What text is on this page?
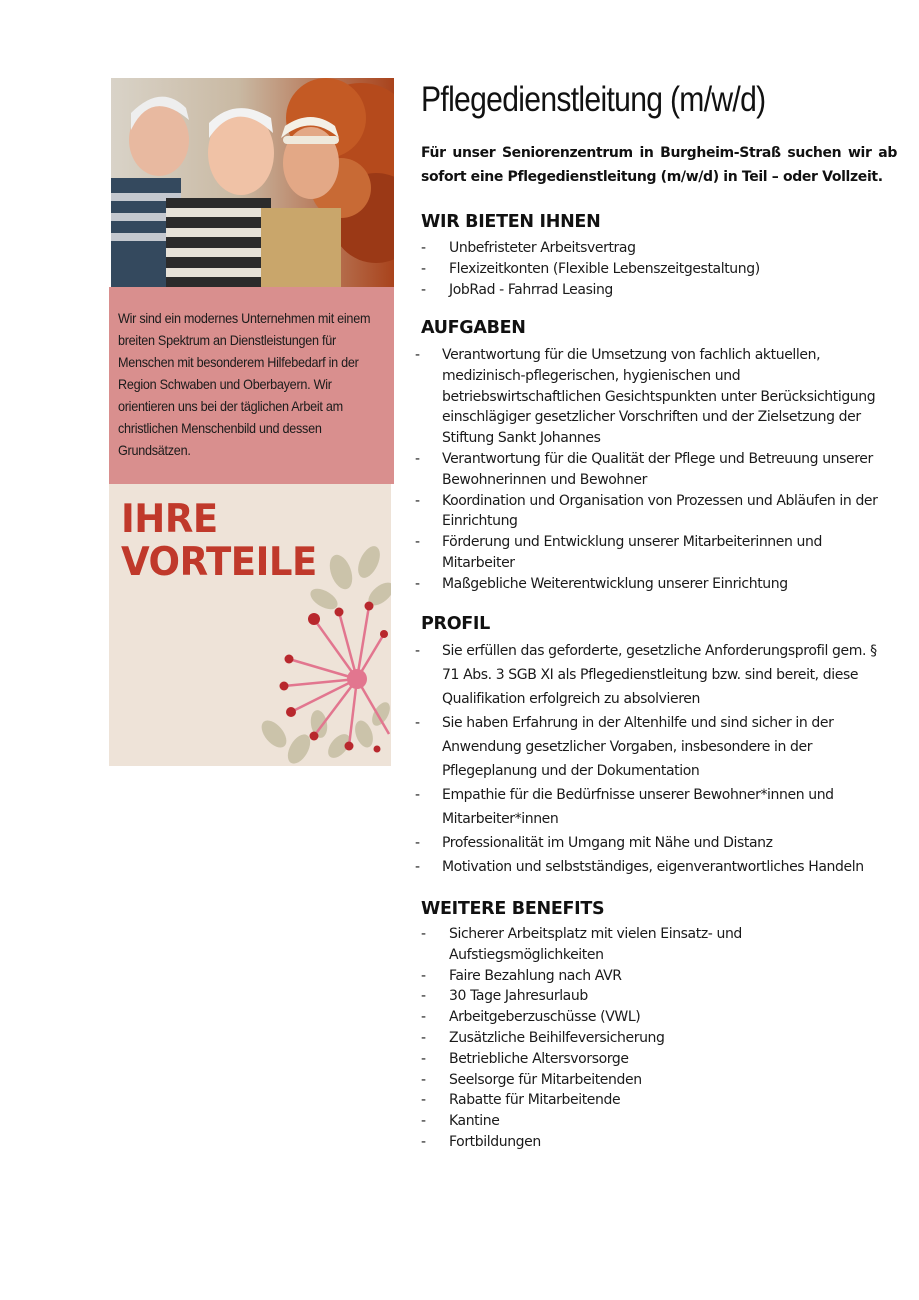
Wir sind ein modernes Unternehmen mit einem breiten Spektrum an Dienstleistungen für Menschen mit besonderem Hilfebedarf in der Region Schwaben und Oberbayern. Wir orientieren uns bei der täglichen Arbeit am christlichen Menschenbild und dessen Grundsätzen.

IHRE
VORTEILE

Pflegedienstleitung (m/w/d)

Für unser Seniorenzentrum in Burgheim-Straß suchen wir ab sofort eine Pflegedienstleitung (m/w/d) in Teil – oder Vollzeit.

WIR BIETEN IHNEN
- Unbefristeter Arbeitsvertrag
- Flexizeitkonten (Flexible Lebenszeitgestaltung)
- JobRad - Fahrrad Leasing
AUFGABEN
- Verantwortung für die Umsetzung von fachlich aktuellen, medizinisch-pflegerischen, hygienischen und betriebswirtschaftlichen Gesichtspunkten unter Berücksichtigung einschlägiger gesetzlicher Vorschriften und der Zielsetzung der Stiftung Sankt Johannes
- Verantwortung für die Qualität der Pflege und Betreuung unserer Bewohnerinnen und Bewohner
- Koordination und Organisation von Prozessen und Abläufen in der Einrichtung
- Förderung und Entwicklung unserer Mitarbeiterinnen und Mitarbeiter
- Maßgebliche Weiterentwicklung unserer Einrichtung
PROFIL
- Sie erfüllen das geforderte, gesetzliche Anforderungsprofil gem. § 71 Abs. 3 SGB XI als Pflegedienstleitung bzw. sind bereit, diese Qualifikation erfolgreich zu absolvieren
- Sie haben Erfahrung in der Altenhilfe und sind sicher in der Anwendung gesetzlicher Vorgaben, insbesondere in der Pflegeplanung und der Dokumentation
- Empathie für die Bedürfnisse unserer Bewohner*innen und Mitarbeiter*innen
- Professionalität im Umgang mit Nähe und Distanz
- Motivation und selbstständiges, eigenverantwortliches Handeln
WEITERE BENEFITS
- Sicherer Arbeitsplatz mit vielen Einsatz- und Aufstiegsmöglichkeiten
- Faire Bezahlung nach AVR
- 30 Tage Jahresurlaub
- Arbeitgeberzuschüsse (VWL)
- Zusätzliche Beihilfeversicherung
- Betriebliche Altersvorsorge
- Seelsorge für Mitarbeitenden
- Rabatte für Mitarbeitende
- Kantine
- Fortbildungen
